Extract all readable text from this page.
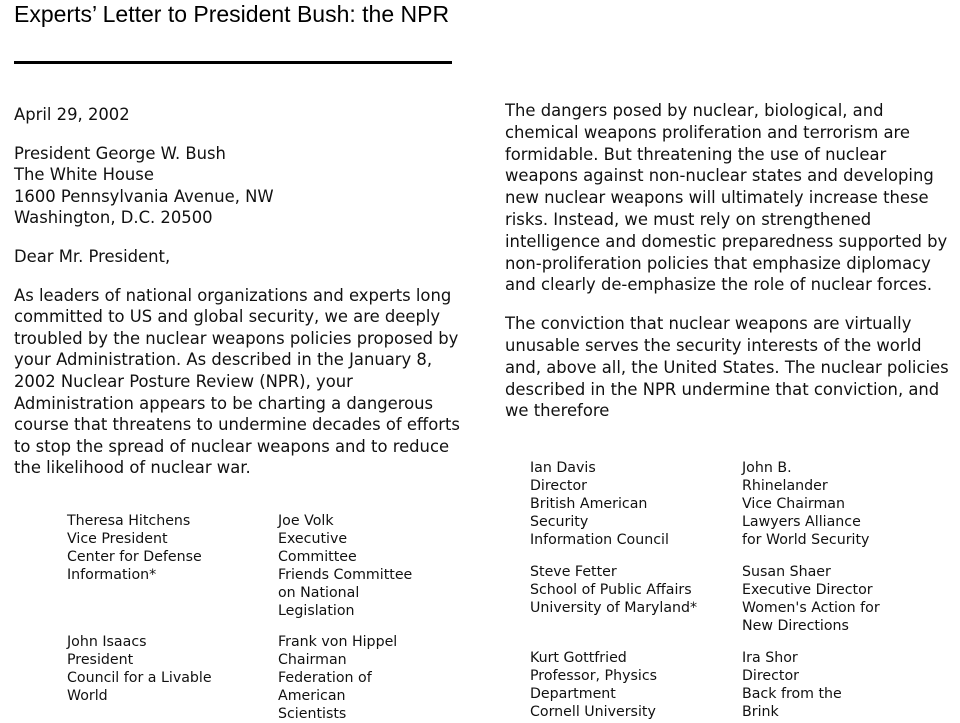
Experts’ Letter to President Bush: the NPR

April 29, 2002

President George W. Bush
The White House
1600 Pennsylvania Avenue, NW
Washington, D.C. 20500

Dear Mr. President,

As leaders of national organizations and experts long committed to US and global security, we are deeply troubled by the nuclear weapons policies proposed by your Administration. As described in the January 8, 2002 Nuclear Posture Review (NPR), your Administration appears to be charting a dangerous course that threatens to undermine decades of efforts to stop the spread of nuclear weapons and to reduce the likelihood of nuclear war.

The dangers posed by nuclear, biological, and chemical weapons proliferation and terrorism are formidable. But threatening the use of nuclear weapons against non-nuclear states and developing new nuclear weapons will ultimately increase these risks. Instead, we must rely on strengthened intelligence and domestic preparedness supported by non-proliferation policies that emphasize diplomacy and clearly de-emphasize the role of nuclear forces.

The conviction that nuclear weapons are virtually unusable serves the security interests of the world and, above all, the United States. The nuclear policies described in the NPR undermine that conviction, and we therefore

Theresa Hitchens
Vice President
Center for Defense
Information*
Joe Volk
Executive
Committee
Friends Committee
on National
Legislation
John Isaacs
President
Council for a Livable
World
Frank von Hippel
Chairman
Federation of
American
Scientists
Ian Davis
Director
British American
Security
Information Council
John B.
Rhinelander
Vice Chairman
Lawyers Alliance
for World Security
Steve Fetter
School of Public Affairs
University of Maryland*
Susan Shaer
Executive Director
Women's Action for
New Directions
Kurt Gottfried
Professor, Physics
Department
Cornell University
Ira Shor
Director
Back from the
Brink
